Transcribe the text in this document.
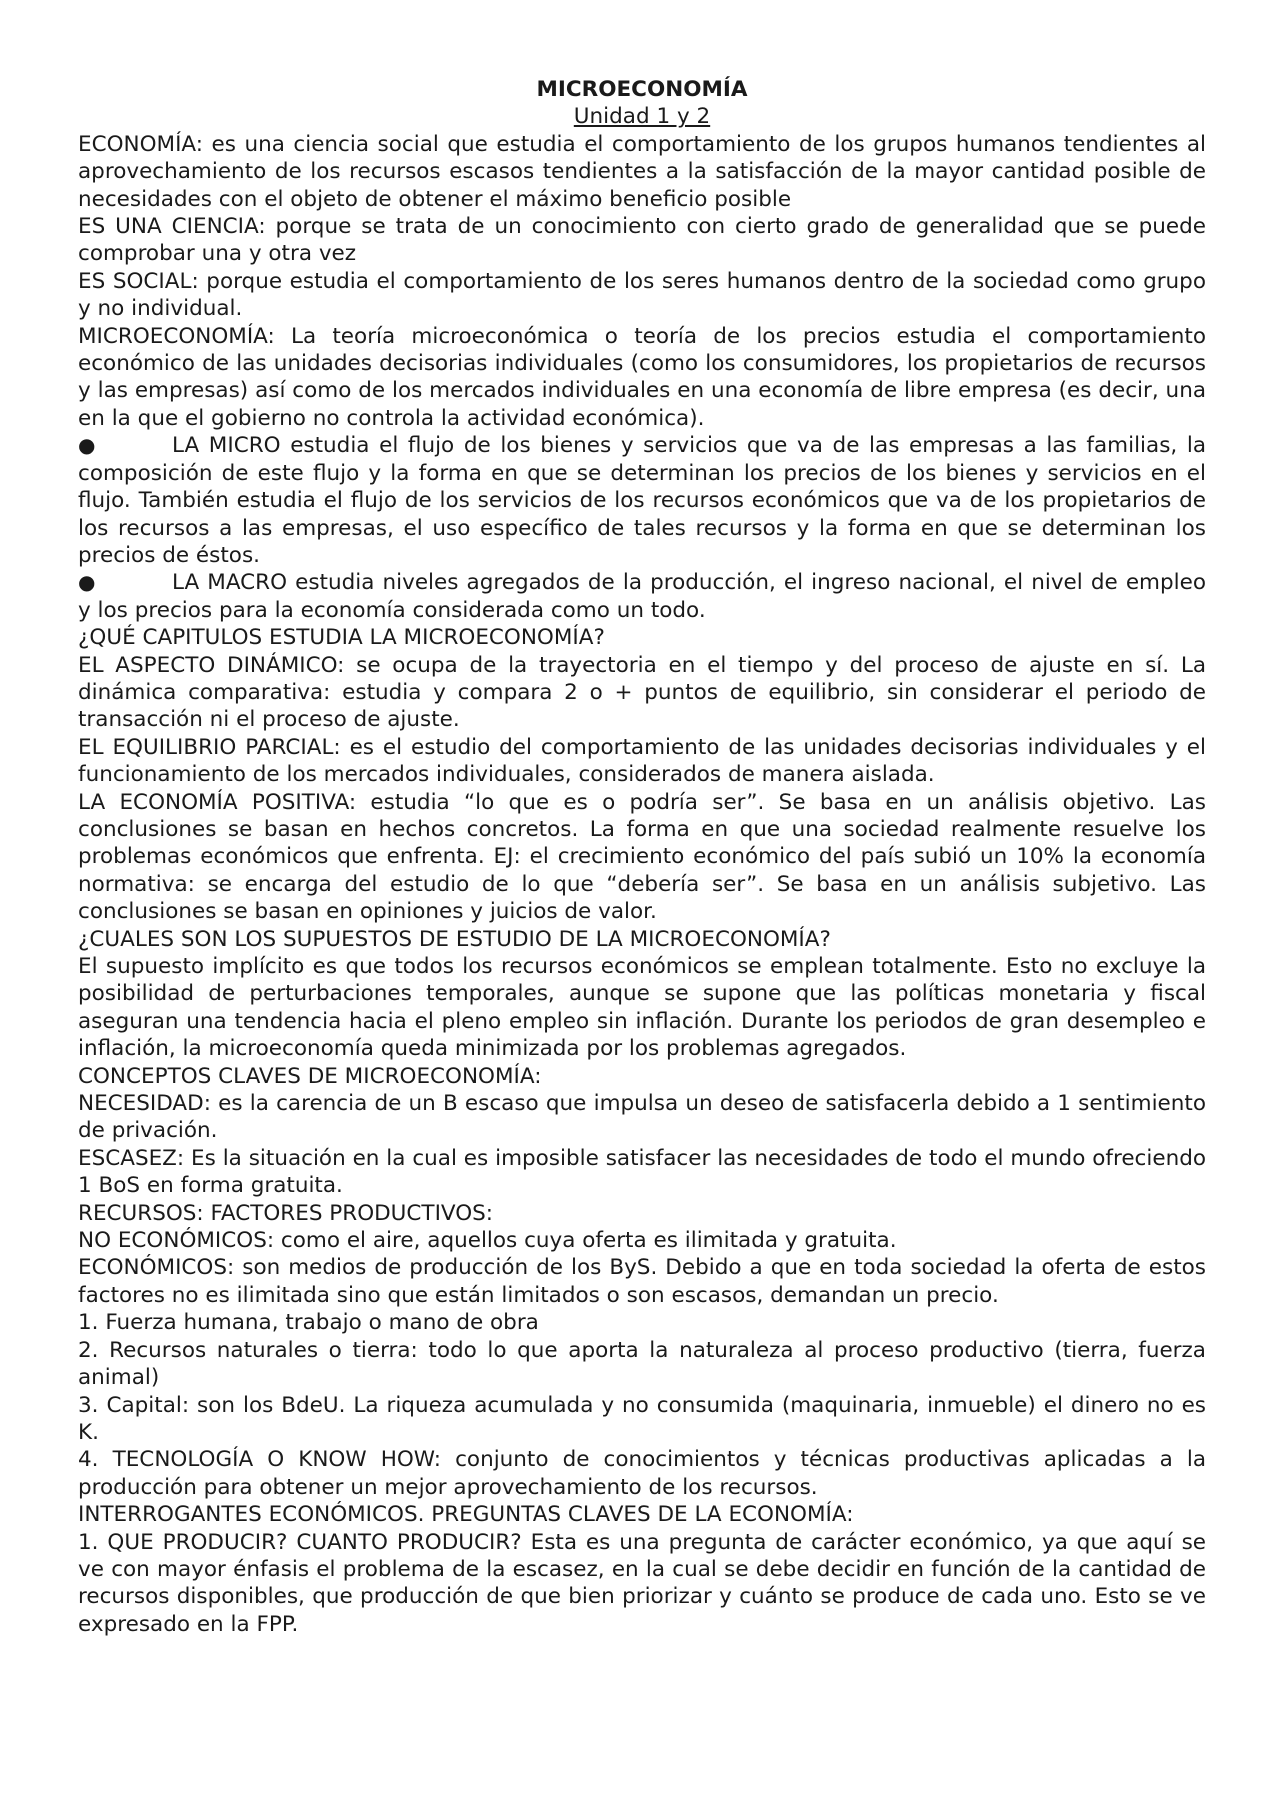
MICROECONOMÍA

Unidad 1 y 2

ECONOMÍA: es una ciencia social que estudia el comportamiento de los grupos humanos tendientes al aprovechamiento de los recursos escasos tendientes a la satisfacción de la mayor cantidad posible de necesidades con el objeto de obtener el máximo beneficio posible

ES UNA CIENCIA: porque se trata de un conocimiento con cierto grado de generalidad que se puede comprobar una y otra vez

ES SOCIAL: porque estudia el comportamiento de los seres humanos dentro de la sociedad como grupo y no individual.

MICROECONOMÍA: La teoría microeconómica o teoría de los precios estudia el comportamiento económico de las unidades decisorias individuales (como los consumidores, los propietarios de recursos y las empresas) así como de los mercados individuales en una economía de libre empresa (es decir, una en la que el gobierno no controla la actividad económica).

●	LA MICRO estudia el flujo de los bienes y servicios que va de las empresas a las familias, la composición de este flujo y la forma en que se determinan los precios de los bienes y servicios en el flujo. También estudia el flujo de los servicios de los recursos económicos que va de los propietarios de los recursos a las empresas, el uso específico de tales recursos y la forma en que se determinan los precios de éstos.

●	LA MACRO estudia niveles agregados de la producción, el ingreso nacional, el nivel de empleo y los precios para la economía considerada como un todo.

¿QUÉ CAPITULOS ESTUDIA LA MICROECONOMÍA?

EL ASPECTO DINÁMICO: se ocupa de la trayectoria en el tiempo y del proceso de ajuste en sí. La dinámica comparativa: estudia y compara 2 o + puntos de equilibrio, sin considerar el periodo de transacción ni el proceso de ajuste.

EL EQUILIBRIO PARCIAL: es el estudio del comportamiento de las unidades decisorias individuales y el funcionamiento de los mercados individuales, considerados de manera aislada.

LA ECONOMÍA POSITIVA: estudia “lo que es o podría ser”. Se basa en un análisis objetivo. Las conclusiones se basan en hechos concretos. La forma en que una sociedad realmente resuelve los problemas económicos que enfrenta. EJ: el crecimiento económico del país subió un 10% la economía normativa: se encarga del estudio de lo que “debería ser”. Se basa en un análisis subjetivo. Las conclusiones se basan en opiniones y juicios de valor.

¿CUALES SON LOS SUPUESTOS DE ESTUDIO DE LA MICROECONOMÍA?

El supuesto implícito es que todos los recursos económicos se emplean totalmente. Esto no excluye la posibilidad de perturbaciones temporales, aunque se supone que las políticas monetaria y fiscal aseguran una tendencia hacia el pleno empleo sin inflación. Durante los periodos de gran desempleo e inflación, la microeconomía queda minimizada por los problemas agregados.

CONCEPTOS CLAVES DE MICROECONOMÍA:

NECESIDAD: es la carencia de un B escaso que impulsa un deseo de satisfacerla debido a 1 sentimiento de privación.

ESCASEZ: Es la situación en la cual es imposible satisfacer las necesidades de todo el mundo ofreciendo 1 BoS en forma gratuita.

RECURSOS: FACTORES PRODUCTIVOS:

NO ECONÓMICOS: como el aire, aquellos cuya oferta es ilimitada y gratuita.

ECONÓMICOS: son medios de producción de los ByS. Debido a que en toda sociedad la oferta de estos factores no es ilimitada sino que están limitados o son escasos, demandan un precio.

1. Fuerza humana, trabajo o mano de obra

2. Recursos naturales o tierra: todo lo que aporta la naturaleza al proceso productivo (tierra, fuerza animal)

3. Capital: son los BdeU. La riqueza acumulada y no consumida (maquinaria, inmueble) el dinero no es K.

4. TECNOLOGÍA O KNOW HOW: conjunto de conocimientos y técnicas productivas aplicadas a la producción para obtener un mejor aprovechamiento de los recursos.

INTERROGANTES ECONÓMICOS. PREGUNTAS CLAVES DE LA ECONOMÍA:

1. QUE PRODUCIR? CUANTO PRODUCIR? Esta es una pregunta de carácter económico, ya que aquí se ve con mayor énfasis el problema de la escasez, en la cual se debe decidir en función de la cantidad de recursos disponibles, que producción de que bien priorizar y cuánto se produce de cada uno. Esto se ve expresado en la FPP.
